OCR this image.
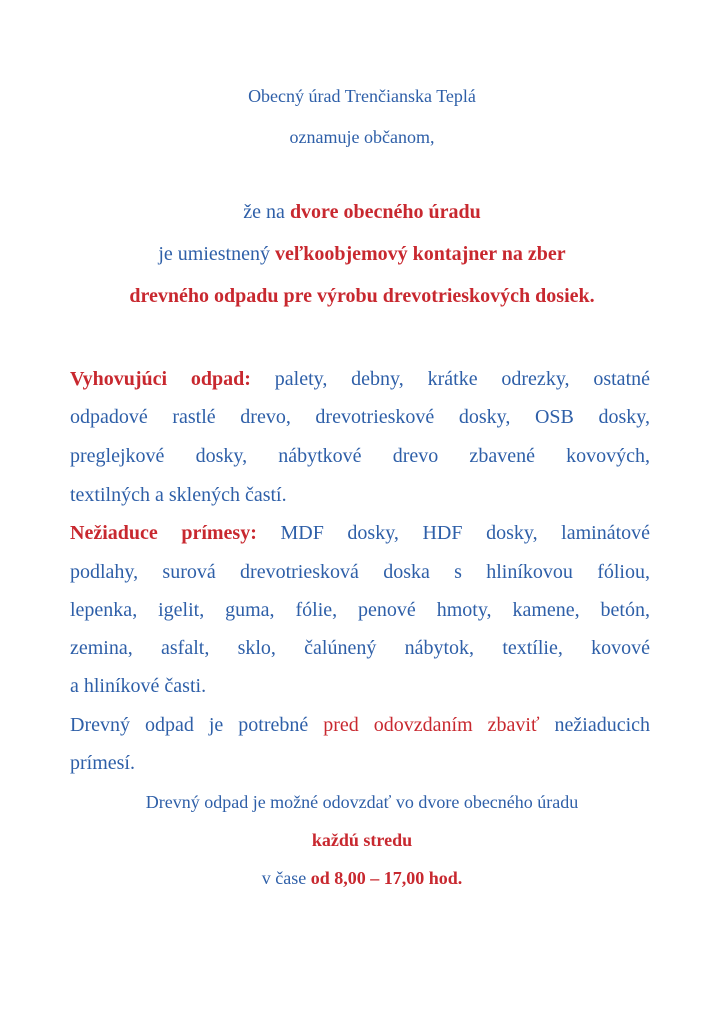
Obecný úrad Trenčianska Teplá
oznamuje občanom,
že na dvore obecného úradu
je umiestnený veľkoobjemový kontajner na zber
drevného odpadu pre výrobu drevotrieskových dosiek.
Vyhovujúci odpad: palety, debny, krátke odrezky, ostatné
odpadové rastlé drevo, drevotrieskové dosky, OSB dosky,
preglejkové dosky, nábytkové drevo zbavené kovových,
textilných a sklených častí.
Nežiaduce prímesy: MDF dosky, HDF dosky, laminátové
podlahy, surová drevotriesková doska s hliníkovou fóliou,
lepenka, igelit, guma, fólie, penové hmoty, kamene, betón,
zemina, asfalt, sklo, čalúnený nábytok, textílie, kovové
a hliníkové časti.
Drevný odpad je potrebné pred odovzdaním zbaviť nežiaducich
prímesí.
Drevný odpad je možné odovzdať vo dvore obecného úradu
každú stredu
v čase od 8,00 – 17,00 hod.
